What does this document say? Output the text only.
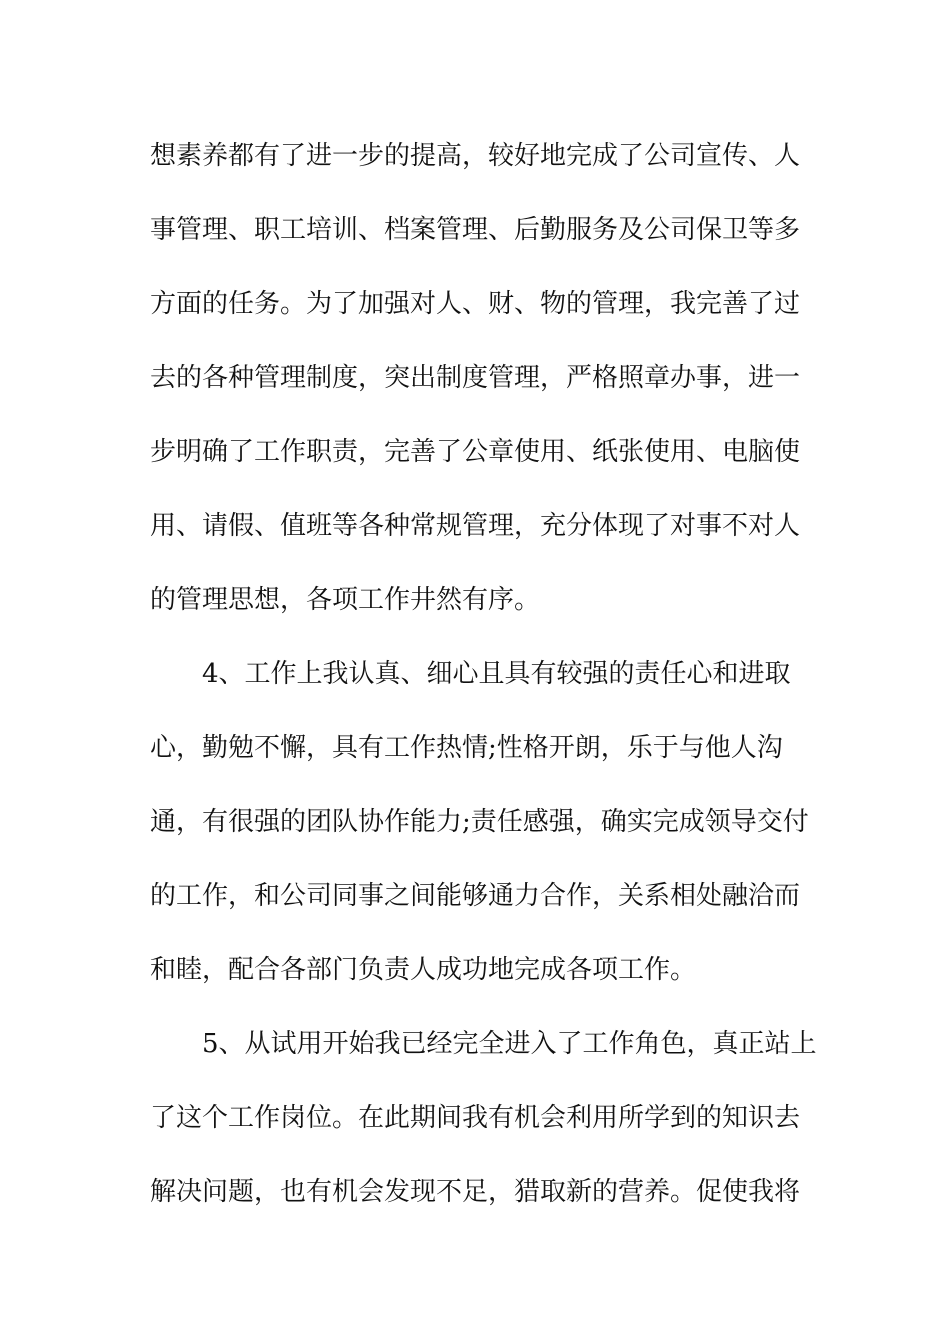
想素养都有了进一步的提高，较好地完成了公司宣传、人
事管理、职工培训、档案管理、后勤服务及公司保卫等多
方面的任务。为了加强对人、财、物的管理，我完善了过
去的各种管理制度，突出制度管理，严格照章办事，进一
步明确了工作职责，完善了公章使用、纸张使用、电脑使
用、请假、值班等各种常规管理，充分体现了对事不对人
的管理思想，各项工作井然有序。
4、工作上我认真、细心且具有较强的责任心和进取
心，勤勉不懈，具有工作热情;性格开朗，乐于与他人沟
通，有很强的团队协作能力;责任感强，确实完成领导交付
的工作，和公司同事之间能够通力合作，关系相处融洽而
和睦，配合各部门负责人成功地完成各项工作。
5、从试用开始我已经完全进入了工作角色，真正站上
了这个工作岗位。在此期间我有机会利用所学到的知识去
解决问题，也有机会发现不足，猎取新的营养。促使我将
